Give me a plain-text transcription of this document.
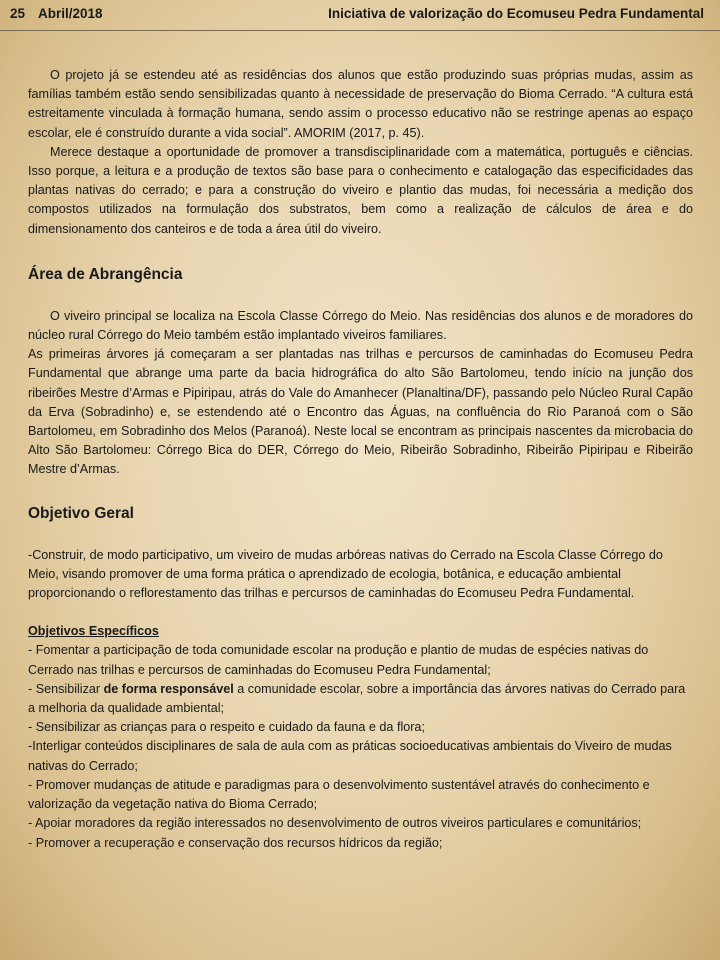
25 Abril/2018	Iniciativa de valorização do Ecomuseu Pedra Fundamental

O projeto já se estendeu até as residências dos alunos que estão produzindo suas próprias mudas, assim as famílias também estão sendo sensibilizadas quanto à necessidade de preservação do Bioma Cerrado. “A cultura está estreitamente vinculada à formação humana, sendo assim o processo educativo não se restringe apenas ao espaço escolar, ele é construído durante a vida social”. AMORIM (2017, p. 45).

Merece destaque a oportunidade de promover a transdisciplinaridade com a matemática, português e ciências. Isso porque, a leitura e a produção de textos são base para o conhecimento e catalogação das especificidades das plantas nativas do cerrado; e para a construção do viveiro e plantio das mudas, foi necessária a medição dos compostos utilizados na formulação dos substratos, bem como a realização de cálculos de área e do dimensionamento dos canteiros e de toda a área útil do viveiro.

Área de Abrangência

O viveiro principal se localiza na Escola Classe Córrego do Meio. Nas residências dos alunos e de moradores do núcleo rural Córrego do Meio também estão implantado viveiros familiares.

As primeiras árvores já começaram a ser plantadas nas trilhas e percursos de caminhadas do Ecomuseu Pedra Fundamental que abrange uma parte da bacia hidrográfica do alto São Bartolomeu, tendo início na junção dos ribeirões Mestre d’Armas e Pipiripau, atrás do Vale do Amanhecer (Planaltina/DF), passando pelo Núcleo Rural Capão da Erva (Sobradinho) e, se estendendo até o Encontro das Águas, na confluência do Rio Paranoá com o São Bartolomeu, em Sobradinho dos Melos (Paranoá). Neste local se encontram as principais nascentes da microbacia do Alto São Bartolomeu: Córrego Bica do DER, Córrego do Meio, Ribeirão Sobradinho, Ribeirão Pipiripau e Ribeirão Mestre d’Armas.

Objetivo Geral

-Construir, de modo participativo, um viveiro de mudas arbóreas nativas do Cerrado na Escola Classe Córrego do Meio, visando promover de uma forma prática o aprendizado de ecologia, botânica, e educação ambiental proporcionando o reflorestamento das trilhas e percursos de caminhadas do Ecomuseu Pedra Fundamental.

Objetivos Específicos

- Fomentar a participação de toda comunidade escolar na produção e plantio de mudas de espécies nativas do Cerrado nas trilhas e percursos de caminhadas do Ecomuseu Pedra Fundamental;

- Sensibilizar de forma responsável a comunidade escolar, sobre a importância das árvores nativas do Cerrado para a melhoria da qualidade ambiental;

- Sensibilizar as crianças para o respeito e cuidado da fauna e da flora;

-Interligar conteúdos disciplinares de sala de aula com as práticas socioeducativas ambientais do Viveiro de mudas nativas do Cerrado;

- Promover mudanças de atitude e paradigmas para o desenvolvimento sustentável através do conhecimento e valorização da vegetação nativa do Bioma Cerrado;

- Apoiar moradores da região interessados no desenvolvimento de outros viveiros particulares e comunitários;

- Promover a recuperação e conservação dos recursos hídricos da região;
